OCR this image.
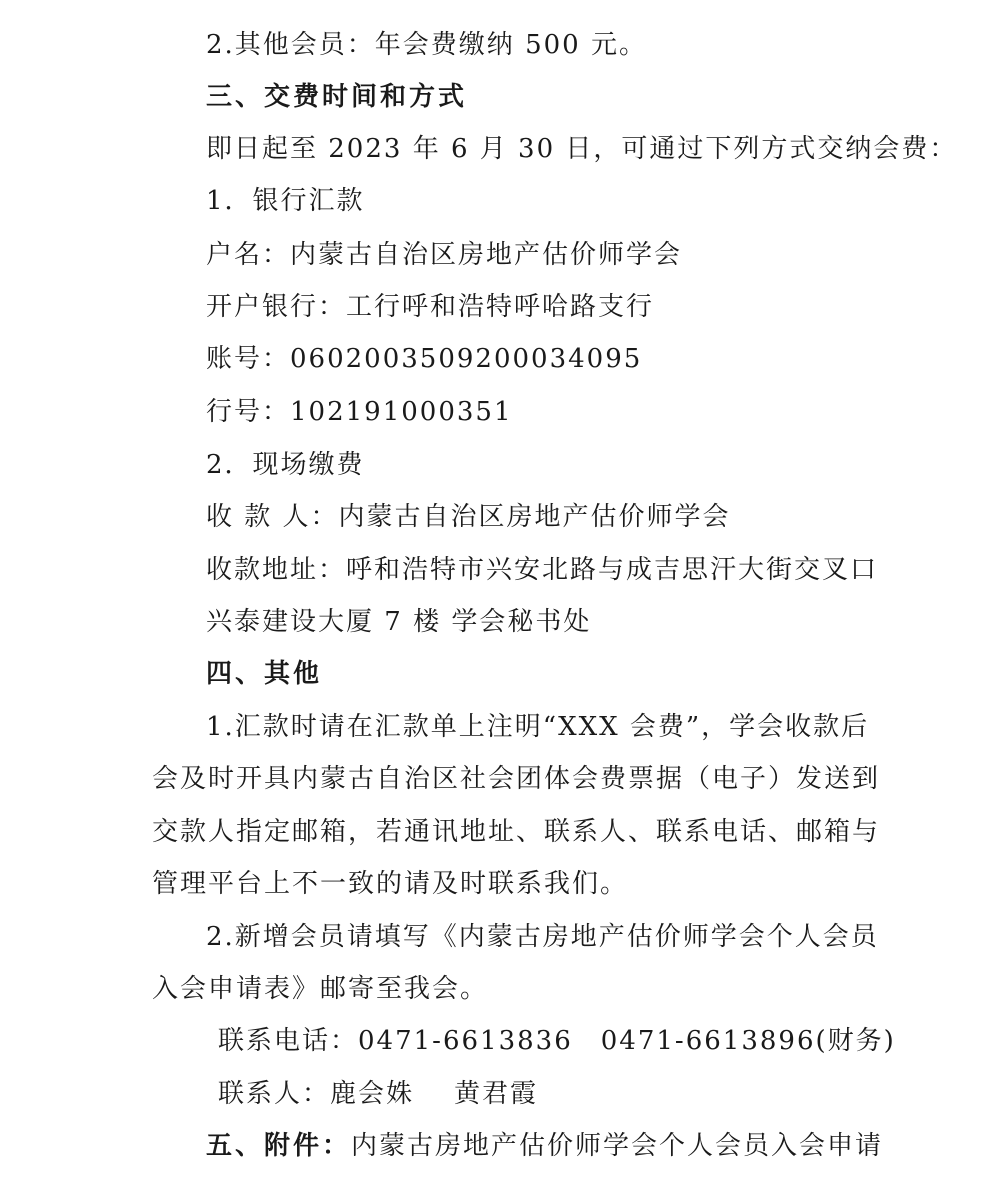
2.其他会员：年会费缴纳 500 元。
三、交费时间和方式
即日起至 2023 年 6 月 30 日，可通过下列方式交纳会费：
1．银行汇款
户名：内蒙古自治区房地产估价师学会
开户银行：工行呼和浩特呼哈路支行
账号：0602003509200034095
行号：102191000351
2．现场缴费
收 款 人：内蒙古自治区房地产估价师学会
收款地址：呼和浩特市兴安北路与成吉思汗大街交叉口
兴泰建设大厦 7 楼 学会秘书处
四、其他
1.汇款时请在汇款单上注明“XXX 会费”，学会收款后
会及时开具内蒙古自治区社会团体会费票据（电子）发送到
交款人指定邮箱，若通讯地址、联系人、联系电话、邮箱与
管理平台上不一致的请及时联系我们。
2.新增会员请填写《内蒙古房地产估价师学会个人会员
入会申请表》邮寄至我会。
联系电话：0471-6613836 0471-6613896(财务)
联系人：鹿会姝 黄君霞
五、附件：内蒙古房地产估价师学会个人会员入会申请
